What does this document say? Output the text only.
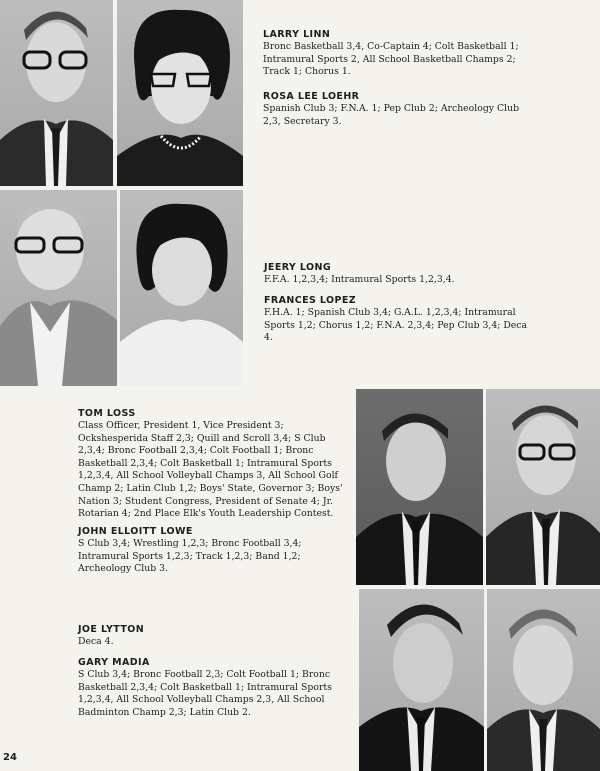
LARRY LINN

Bronc Basketball 3,4, Co-Captain 4; Colt Basketball 1; Intramural Sports 2, All School Basketball Champs 2; Track 1; Chorus 1.

ROSA LEE LOEHR

Spanish Club 3; F.N.A. 1; Pep Club 2; Archeology Club 2,3, Secretary 3.

JEERY LONG

F.F.A. 1,2,3,4; Intramural Sports 1,2,3,4.

FRANCES LOPEZ

F.H.A. 1; Spanish Club 3,4; G.A.L. 1,2,3,4; Intramural Sports 1,2; Chorus 1,2; F.N.A. 2,3,4; Pep Club 3,4; Deca 4.

TOM LOSS

Class Officer, President 1, Vice President 3; Ockshesperida Staff 2,3; Quill and Scroll 3,4; S Club 2,3,4; Bronc Football 2,3,4; Colt Football 1; Bronc Basketball 2,3,4; Colt Basketball 1; Intramural Sports 1,2,3,4, All School Volleyball Champs 3, All School Golf Champ 2; Latin Club 1,2; Boys' State, Governor 3; Boys' Nation 3; Student Congress, President of Senate 4; Jr. Rotarian 4; 2nd Place Elk's Youth Leadership Contest.

JOHN ELLOITT LOWE

S Club 3,4; Wrestling 1,2,3; Bronc Football 3,4; Intramural Sports 1,2,3; Track 1,2,3; Band 1,2; Archeology Club 3.

JOE LYTTON

Deca 4.

GARY MADIA

S Club 3,4; Bronc Football 2,3; Colt Football 1; Bronc Basketball 2,3,4; Colt Basketball 1; Intramural Sports 1,2,3,4, All School Volleyball Champs 2,3, All School Badminton Champ 2,3; Latin Club 2.

24
